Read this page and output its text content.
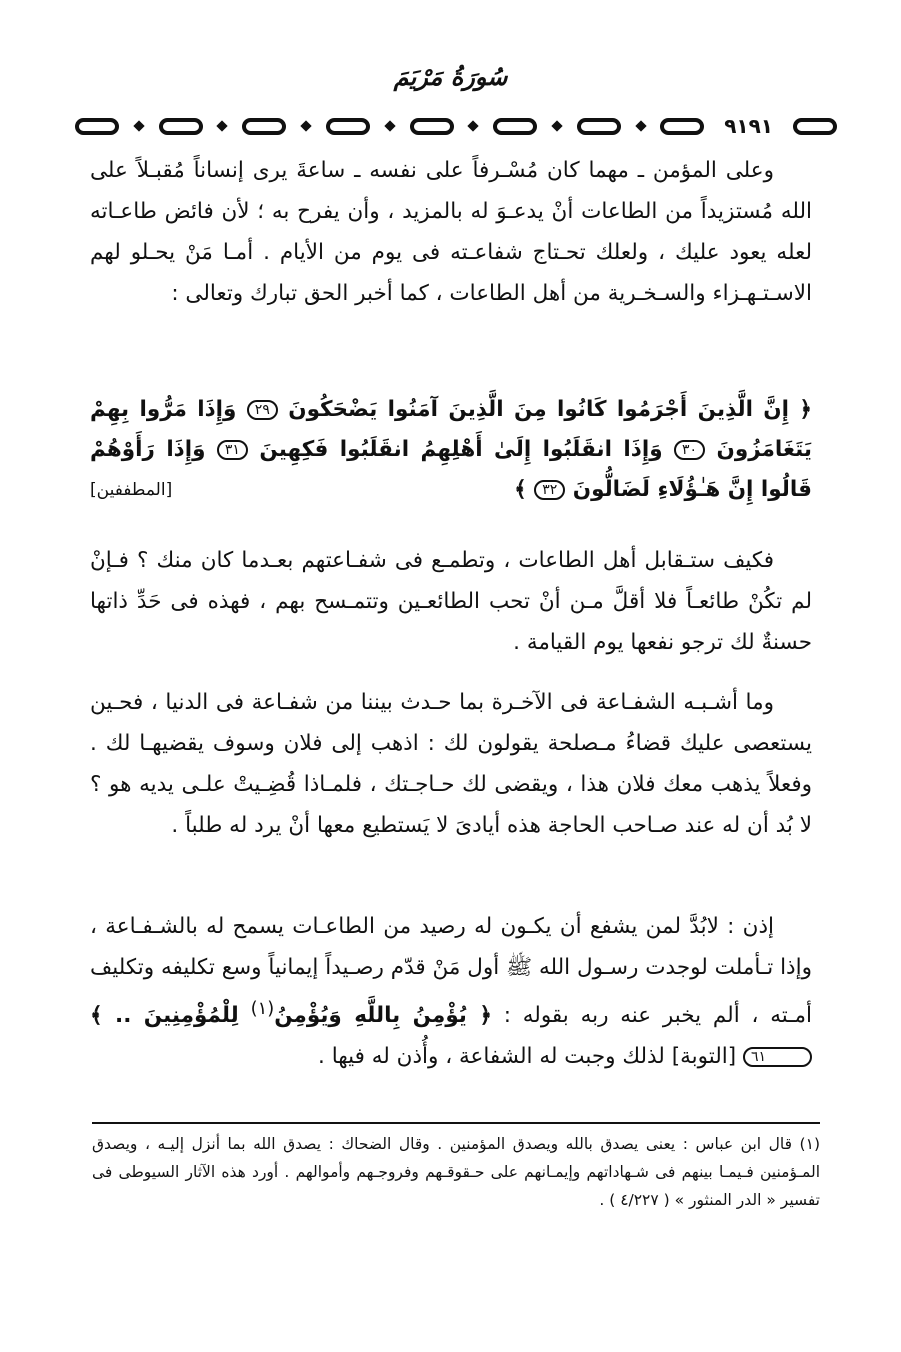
سُورَةُ مَرْيَمَ
٩١٩١

وعلى المؤمن ـ مهما كان مُسْـرفاً على نفسه ـ ساعةَ يرى إنساناً مُقبـلاً على الله مُستزيداً من الطاعات أنْ يدعـوَ له بالمزيد ، وأن يفرح به ؛ لأن فائض طاعـاته لعله يعود عليك ، ولعلك تحـتاج شفاعـته فى يوم من الأيام . أمـا مَنْ يحـلو لهم الاسـتـهـزاء والسـخـرية من أهل الطاعات ، كما أخبر الحق تبارك وتعالى :

﴿ إِنَّ الَّذِينَ أَجْرَمُوا كَانُوا مِنَ الَّذِينَ آمَنُوا يَضْحَكُونَ ٢٩ وَإِذَا مَرُّوا بِهِمْ يَتَغَامَزُونَ ٣٠ وَإِذَا انقَلَبُوا إِلَىٰ أَهْلِهِمُ انقَلَبُوا فَكِهِينَ ٣١ وَإِذَا رَأَوْهُمْ قَالُوا إِنَّ هَـٰؤُلَاءِ لَضَالُّونَ ٣٢ ﴾
[المطففين]

فكيف ستـقابل أهل الطاعات ، وتطمـع فى شفـاعتهم بعـدما كان منك ؟ فـإنْ لم تكُنْ طائعـاً فلا أقلَّ مـن أنْ تحب الطائعـين وتتمـسح بهم ، فهذه فى حَدِّ ذاتها حسنةٌ لك ترجو نفعها يوم القيامة .

وما أشـبـه الشفـاعة فى الآخـرة بما حـدث بيننا من شفـاعة فى الدنيا ، فحـين يستعصى عليك قضاءُ مـصلحة يقولون لك : اذهب إلى فلان وسوف يقضيهـا لك . وفعلاً يذهب معك فلان هذا ، ويقضى لك حـاجـتك ، فلمـاذا قُضِـيتْ علـى يديه هو ؟ لا بُد أن له عند صـاحب الحاجة هذه أيادىَ لا يَستطيع معها أنْ يرد له طلباً .

إذن : لابُدَّ لمن يشفع أن يكـون له رصيد من الطاعـات يسمح له بالشـفـاعة ، وإذا تـأملت لوجدت رسـول الله ﷺ أول مَنْ قدّم رصـيداً إيمانياً وسع تكليفه وتكليف أمـته ، ألم يخبر عنه ربه بقوله : ﴿ يُؤْمِنُ بِاللَّهِ وَيُؤْمِنُ$^{(١)}$ لِلْمُؤْمِنِينَ .. ﴾ ٦١ [التوبة] لذلك وجبت له الشفاعة ، وأُذن له فيها .

(١) قال ابن عباس : يعنى يصدق بالله ويصدق المؤمنين . وقال الضحاك : يصدق الله بما أنزل إليـه ، ويصدق المـؤمنين فـيمـا بينهم فى شـهاداتهم وإيمـانهم على حـقوقـهم وفروجـهم وأموالهم . أورد هذه الآثار السيوطى فى تفسير « الدر المنثور » ( ٤/٢٢٧ ) .
